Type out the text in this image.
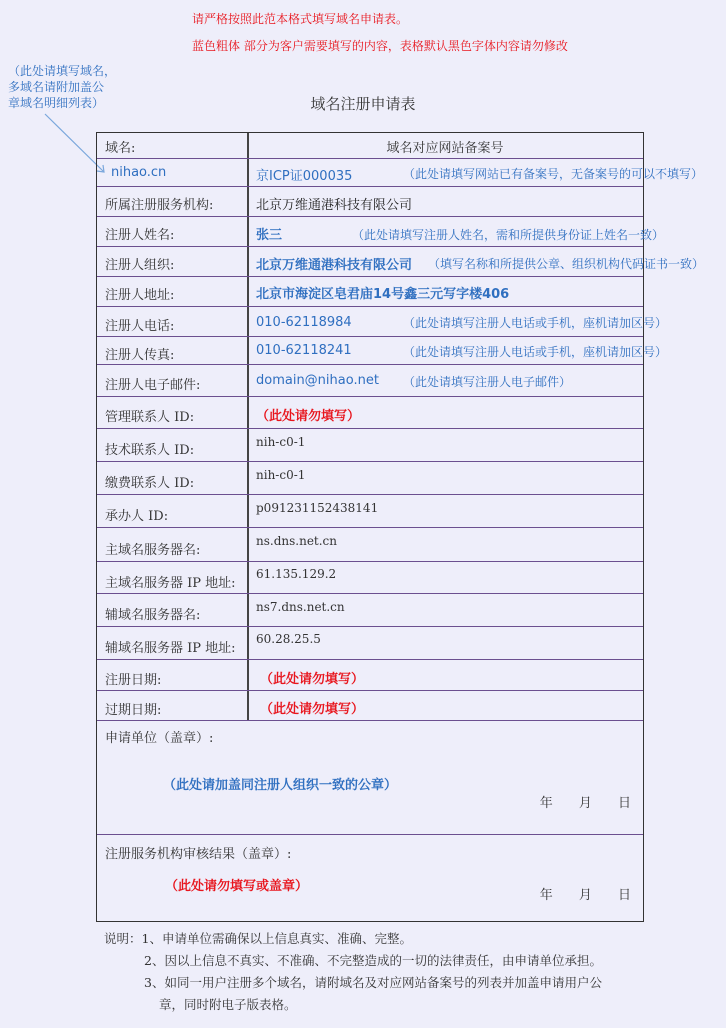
请严格按照此范本格式填写域名申请表。
蓝色粗体 部分为客户需要填写的内容，表格默认黑色字体内容请勿修改
（此处请填写域名，
多域名请附加盖公
章域名明细列表）	域名注册申请表
域名:	域名对应网站备案号
nihao.cn	京ICP证000035	（此处请填写网站已有备案号，无备案号的可以不填写）
所属注册服务机构:	北京万维通港科技有限公司
注册人姓名:	张三	（此处请填写注册人姓名，需和所提供身份证上姓名一致）
注册人组织:	北京万维通港科技有限公司 （填写名称和所提供公章、组织机构代码证书一致）
注册人地址:	北京市海淀区皂君庙14号鑫三元写字楼406
注册人电话:	010-62118984	（此处请填写注册人电话或手机，座机请加区号）
注册人传真:	010-62118241	（此处请填写注册人电话或手机，座机请加区号）
注册人电子邮件:	domain@nihao.net （此处请填写注册人电子邮件）
管理联系人 ID:	（此处请勿填写）
技术联系人 ID:
nih-c0-1
缴费联系人 ID:
nih-c0-1
承办人 ID:
p091231152438141
主域名服务器名:
ns.dns.net.cn
主域名服务器 IP 地址:
61.135.129.2
辅域名服务器名:
ns7.dns.net.cn
辅域名服务器 IP 地址:
60.28.25.5
注册日期:	（此处请勿填写）
过期日期:	（此处请勿填写）
申请单位（盖章）:
（此处请加盖同注册人组织一致的公章）
年 月 日
注册服务机构审核结果（盖章）:
（此处请勿填写或盖章）
年 月 日
说明：1、申请单位需确保以上信息真实、准确、完整。
2、因以上信息不真实、不准确、不完整造成的一切的法律责任，由申请单位承担。
3、如同一用户注册多个域名，请附域名及对应网站备案号的列表并加盖申请用户公
章，同时附电子版表格。
